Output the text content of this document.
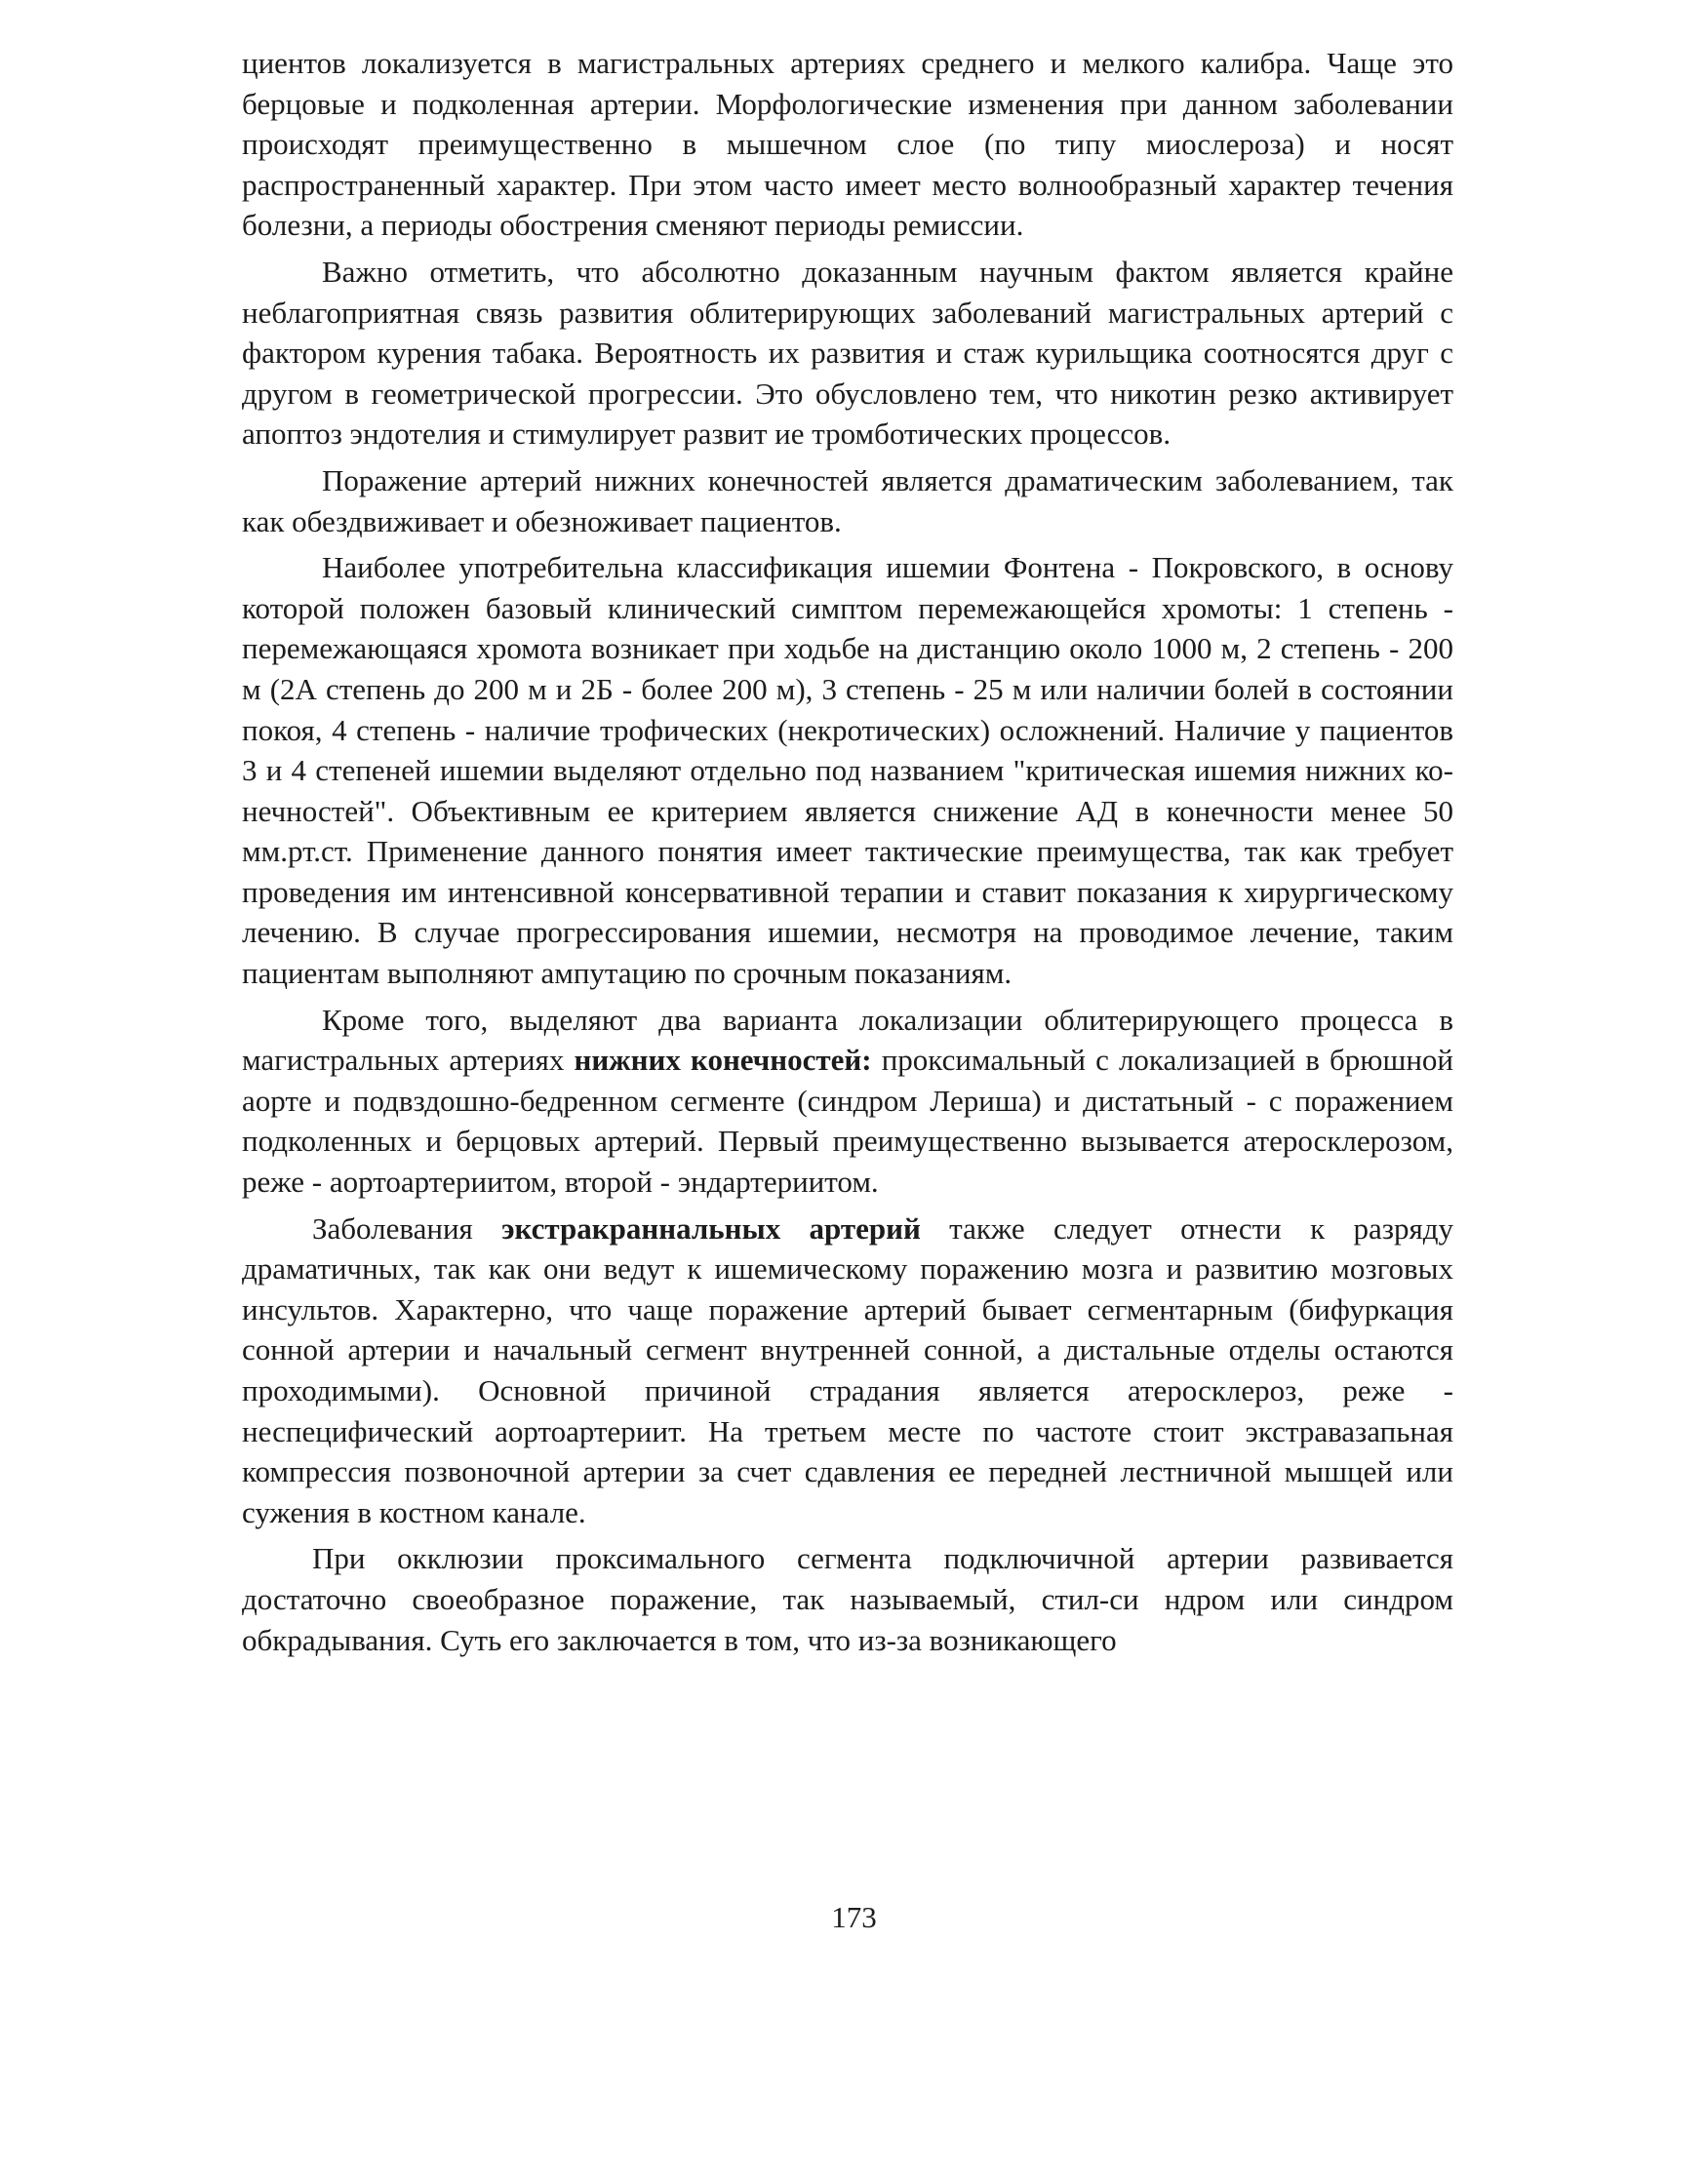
циентов локализуется в магистральных артериях среднего и мелкого калибра. Чаще это берцовые и подколенная артерии. Морфологические изменения при данном заболевании происходят преимущественно в мышечном слое (по типу миослероза) и носят распространенный характер. При этом часто имеет место волнообразный характер течения болезни, а периоды обострения сменяют периоды ремиссии.

Важно отметить, что абсолютно доказанным научным фактом является крайне неблагоприятная связь развития облитерирующих заболеваний магистральных артерий с фактором курения табака. Вероятность их развития и стаж курильщика соотносятся друг с другом в геометрической прогрессии. Это обусловлено тем, что никотин резко активирует апоптоз эндотелия и стимулирует развит ие тромботических процессов.

Поражение артерий нижних конечностей является драматическим заболеванием, так как обездвиживает и обезноживает пациентов.

Наиболее употребительна классификация ишемии Фонтена - Покровского, в основу которой положен базовый клинический симптом перемежающейся хромоты: 1 степень - перемежающаяся хромота возникает при ходьбе на дистанцию около 1000 м, 2 степень - 200 м (2А степень до 200 м и 2Б - более 200 м), 3 степень - 25 м или наличии болей в состоянии покоя, 4 степень - наличие трофических (некротических) осложнений. Наличие у пациентов 3 и 4 степеней ишемии выделяют отдельно под названием "критическая ишемия нижних конечностей". Объективным ее критерием является снижение АД в конечности менее 50 мм.рт.ст. Применение данного понятия имеет тактические преимущества, так как требует проведения им интенсивной консервативной терапии и ставит показания к хирургическому лечению. В случае прогрессирования ишемии, несмотря на проводимое лечение, таким пациентам выполняют ампутацию по срочным показаниям.

Кроме того, выделяют два варианта локализации облитерирующего процесса в магистральных артериях нижних конечностей: проксимальный с локализацией в брюшной аорте и подвздошно-бедренном сегменте (синдром Лериша) и дистатьный - с поражением подколенных и берцовых артерий. Первый преимущественно вызывается атеросклерозом, реже - аортоартериитом, второй - эндартериитом.

Заболевания экстракраннальных артерий также следует отнести к разряду драматичных, так как они ведут к ишемическому поражению мозга и развитию мозговых инсультов. Характерно, что чаще поражение артерий бывает сегментарным (бифуркация сонной артерии и начальный сегмент внутренней сонной, а дистальные отделы остаются проходимыми). Основной причиной страдания является атеросклероз, реже - неспецифический аортоартериит. На третьем месте по частоте стоит экстравазапьная компрессия позвоночной артерии за счет сдавления ее передней лестничной мышцей или сужения в костном канале.

При окклюзии проксимального сегмента подключичной артерии развивается достаточно своеобразное поражение, так называемый, стил-си ндром или синдром обкрадывания. Суть его заключается в том, что из-за возникающего

173
